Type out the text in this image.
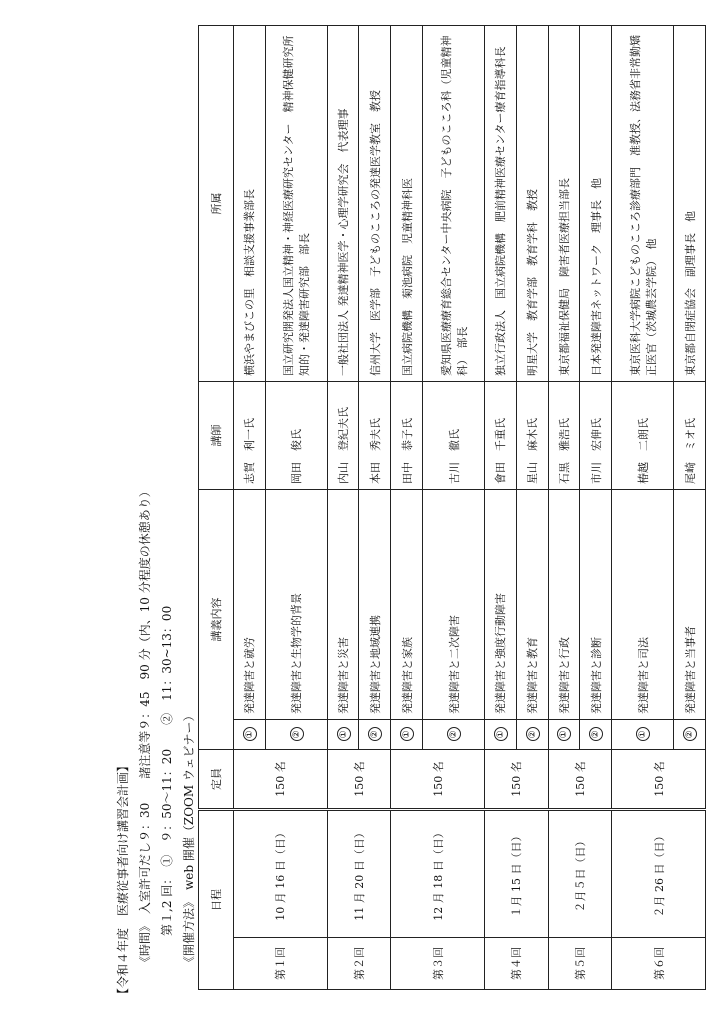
【令和４年度　医療従事者向け講習会計画】 《時間》　入室許可だし９：30　　諸注意等９：45　90 分（内、10 分程度の休憩あり） 第１,2 回：　①　９：50～11：20　　②　11：30~13：00 《開催方法》　web 開催（ZOOM ウェビナー）	日程		定員	講義内容		講師	所属
第１回	10 月 16 日（日）	150 名	①	発達障害と就労	志賀　利一氏	横浜やまびこの里　相談支援事業部長
			②	発達障害と生物学的背景	岡田　俊氏	国立研究開発法人国立精神・神経医療研究センター　精神保健研究所知的・発達障害研究部　部長
第２回	11 月 20 日（日）	150 名	①	発達障害と災害	内山　登紀夫氏	一般社団法人 発達精神医学・心理学研究会　代表理事
			②	発達障害と地域連携	本田　秀夫氏	信州大学　医学部　子どものこころの発達医学教室　教授
第３回	12 月 18 日（日）	150 名	①	発達障害と家族	田中　恭子氏	国立病院機構　菊池病院　児童精神科医
			②	発達障害と二次障害	古川　徹氏	愛知県医療療育総合センター中央病院　子どものこころ科（児童精神科）　部長
第４回	１月 15 日（日）	150 名	①	発達障害と強度行動障害	會田　千重氏	独立行政法人　国立病院機構　肥前精神医療センター療育指導科長
			②	発達障害と教育	星山　麻木氏	明星大学　教育学部　教育学科　教授
第５回	２月５日（日）	150 名	①	発達障害と行政	石黒　雅浩氏	東京都福祉保健局　障害者医療担当部長
			②	発達障害と診断	市川　宏伸氏	日本発達障害ネットワーク　理事長　他
第６回	２月 26 日（日）	150 名	①	発達障害と司法	椿越　二朗氏	東京医科大学病院こどものこころ診療部門　准教授、法務省非常勤矯正医官（茨城農芸学院）　他
			②	発達障害と当事者	尾崎　ミオ氏	東京都自閉症協会　副理事長　他
